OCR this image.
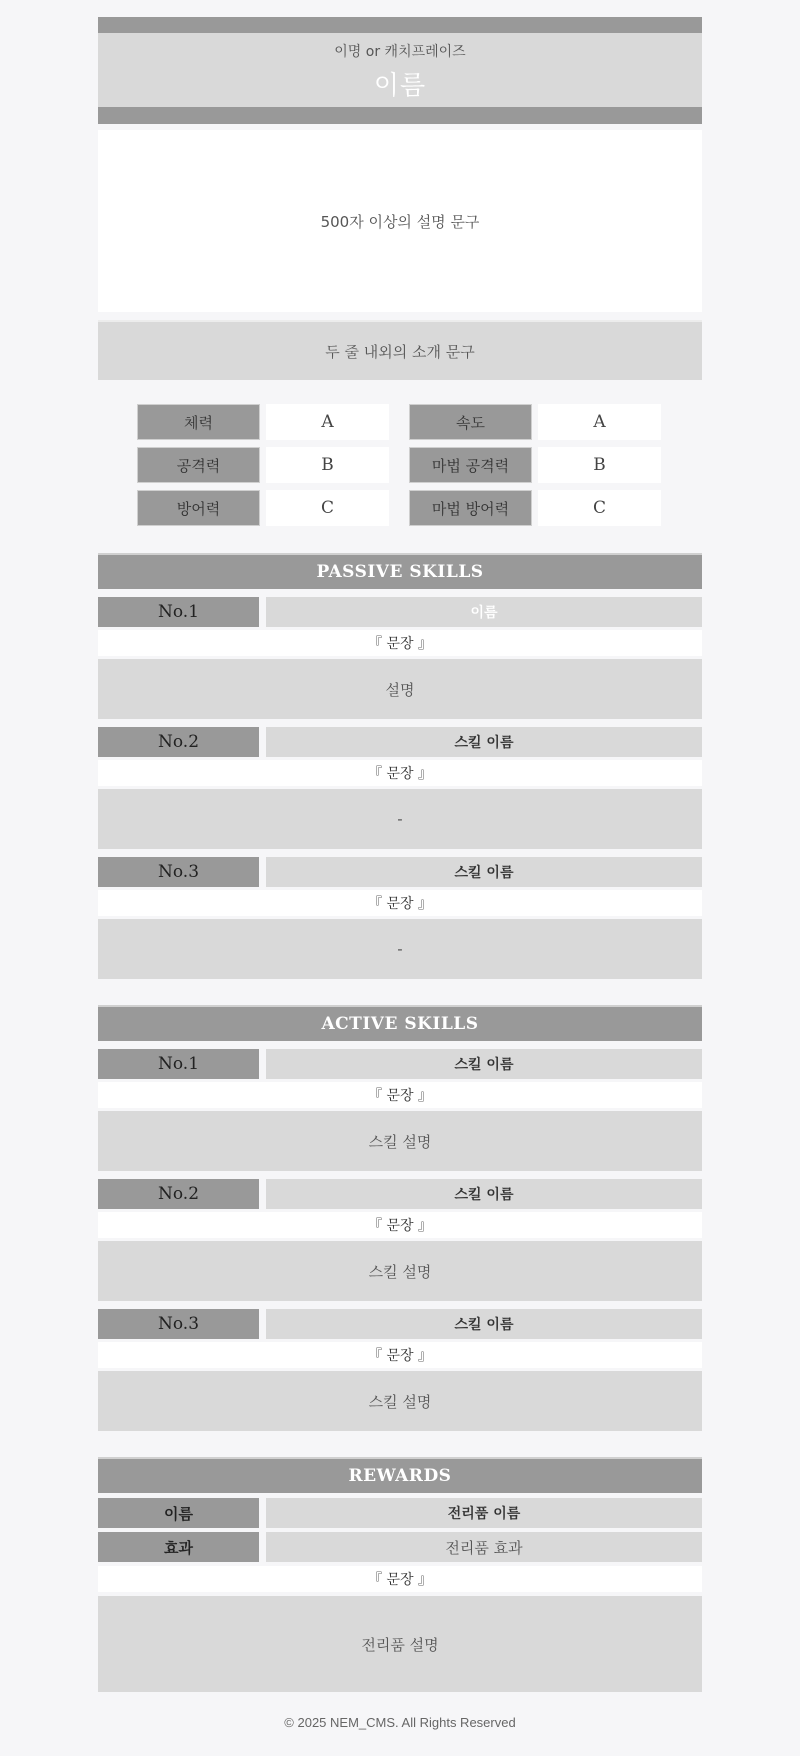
이명 or 캐치프레이즈
이름
500자 이상의 설명 문구
두 줄 내외의 소개 문구
체력	A	속도	A
공격력	B	마법 공격력	B
방어력	C	마법 방어력	C
PASSIVE SKILLS
No.1	이름
『 문장 』
설명
No.2	스킬 이름
『 문장 』
-
No.3	스킬 이름
『 문장 』
-
ACTIVE SKILLS
No.1	스킬 이름
『 문장 』
스킬 설명
No.2	스킬 이름
『 문장 』
스킬 설명
No.3	스킬 이름
『 문장 』
스킬 설명
REWARDS
이름	전리품 이름
효과	전리품 효과
『 문장 』
전리품 설명
© 2025 NEM_CMS. All Rights Reserved
